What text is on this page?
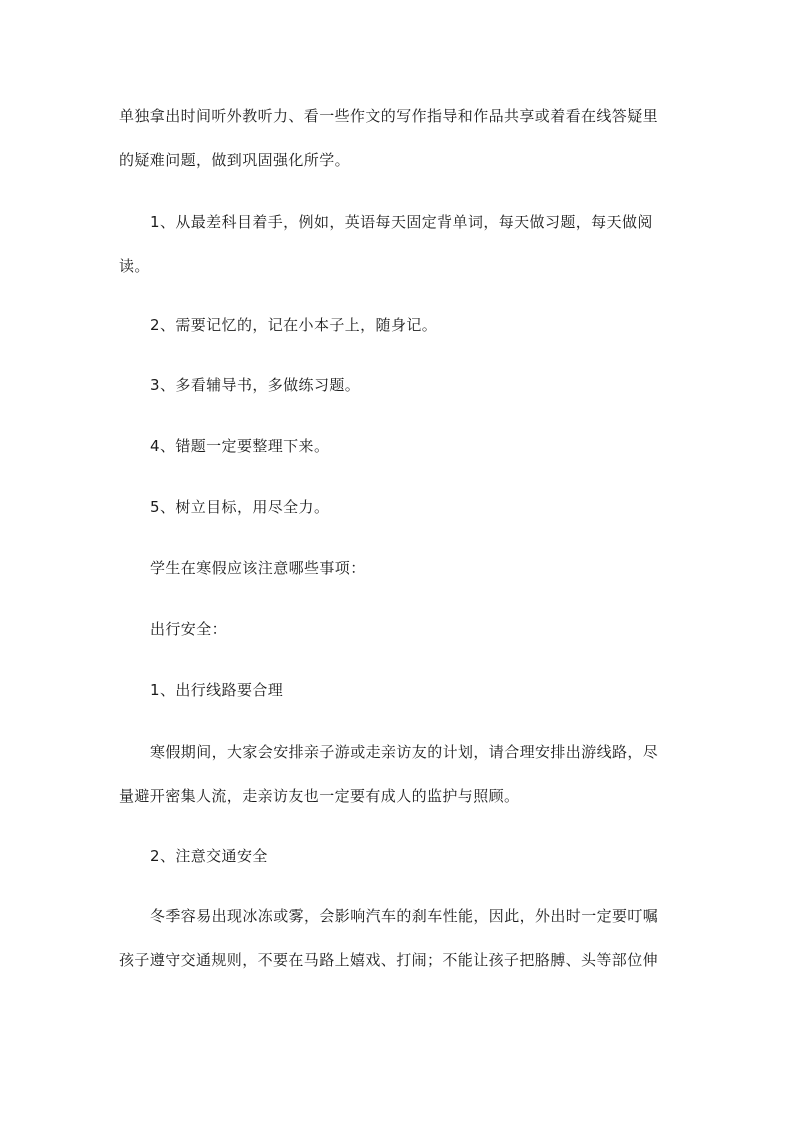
单独拿出时间听外教听力、看一些作文的写作指导和作品共享或着看在线答疑里

的疑难问题，做到巩固强化所学。

1、从最差科目着手，例如，英语每天固定背单词，每天做习题，每天做阅

读。

2、需要记忆的，记在小本子上，随身记。

3、多看辅导书，多做练习题。

4、错题一定要整理下来。

5、树立目标，用尽全力。

学生在寒假应该注意哪些事项：

出行安全：

1、出行线路要合理

寒假期间，大家会安排亲子游或走亲访友的计划，请合理安排出游线路，尽

量避开密集人流，走亲访友也一定要有成人的监护与照顾。

2、注意交通安全

冬季容易出现冰冻或雾，会影响汽车的刹车性能，因此，外出时一定要叮嘱

孩子遵守交通规则，不要在马路上嬉戏、打闹；不能让孩子把胳膊、头等部位伸
